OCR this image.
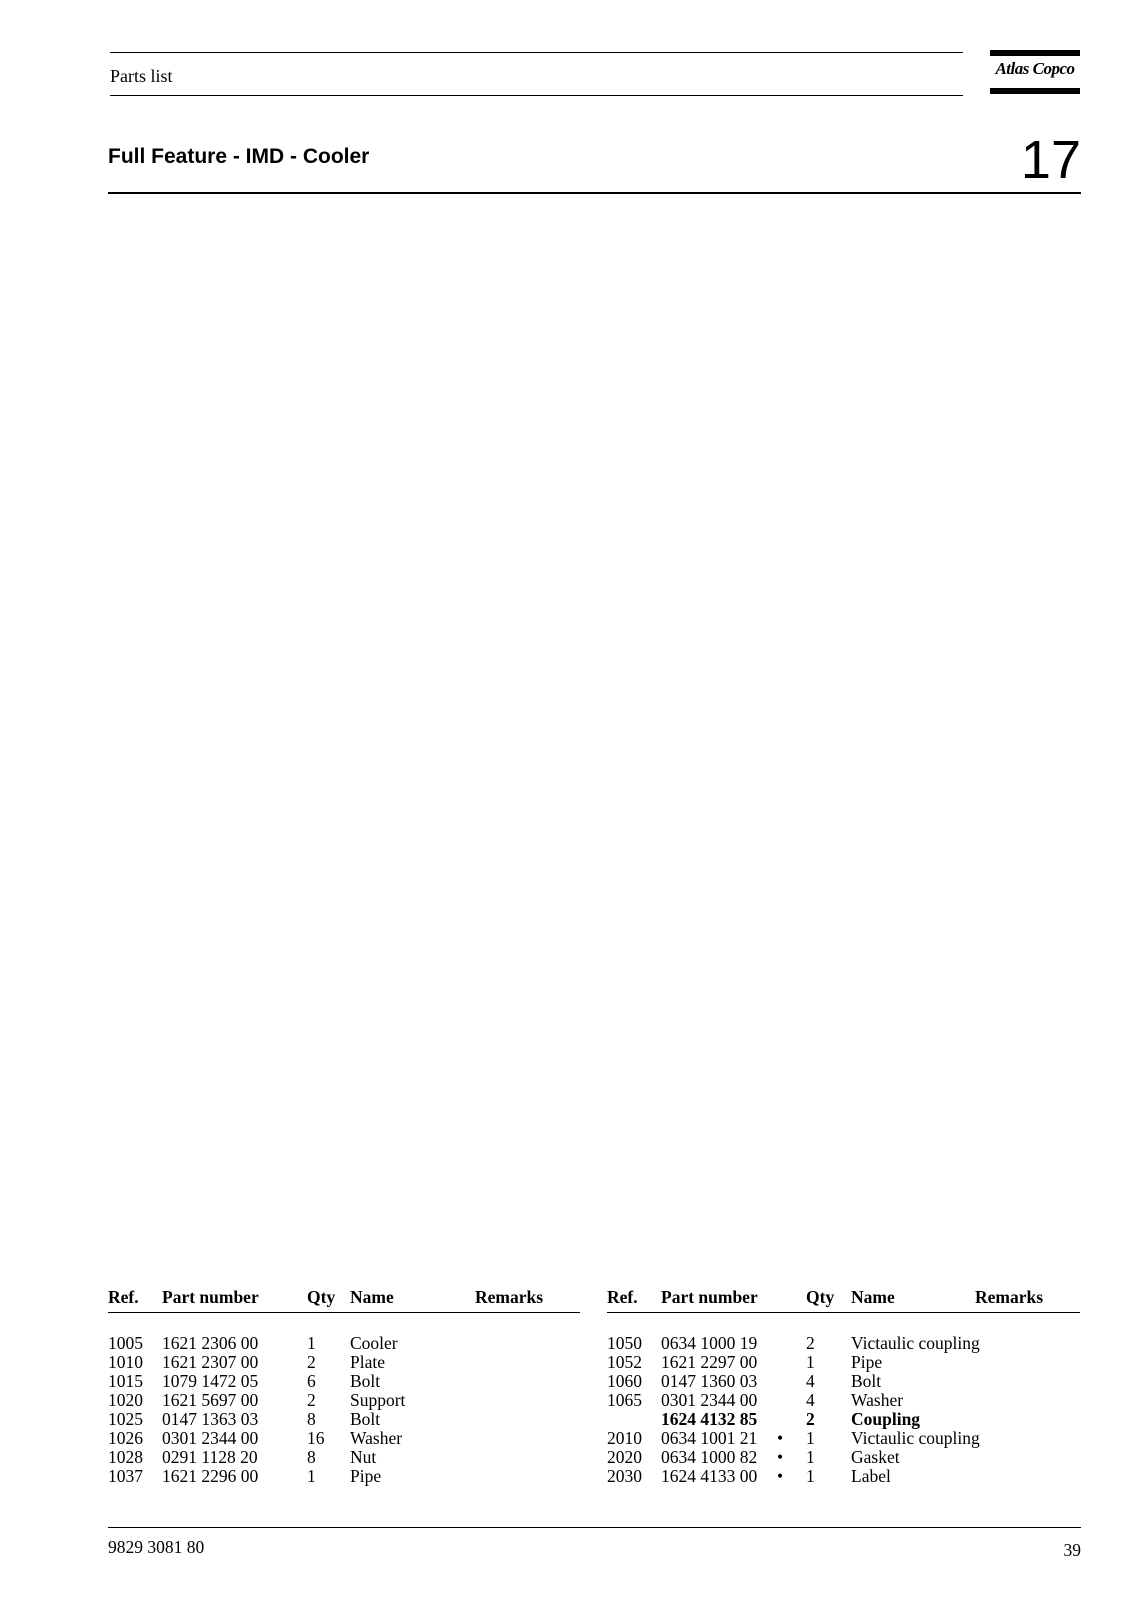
Parts list	Atlas Copco
Full Feature - IMD - Cooler	17
Ref. Part number	Qty Name	Remarks
1005 1621 2306 00	1 Cooler
1010 1621 2307 00	2 Plate
1015 1079 1472 05	6 Bolt
1020 1621 5697 00	2 Support
1025 0147 1363 03	8 Bolt
1026 0301 2344 00	16 Washer
1028 0291 1128 20	8 Nut
1037 1621 2296 00	1 Pipe
Ref. Part number	Qty Name	Remarks
1050 0634 1000 19	2 Victaulic coupling
1052 1621 2297 00	1 Pipe
1060 0147 1360 03	4 Bolt
1065 0301 2344 00	4 Washer
1624 4132 85	2 Coupling
2010 0634 1001 21 • 1 Victaulic coupling
2020 0634 1000 82 • 1 Gasket
2030 1624 4133 00 • 1 Label
9829 3081 80	39
